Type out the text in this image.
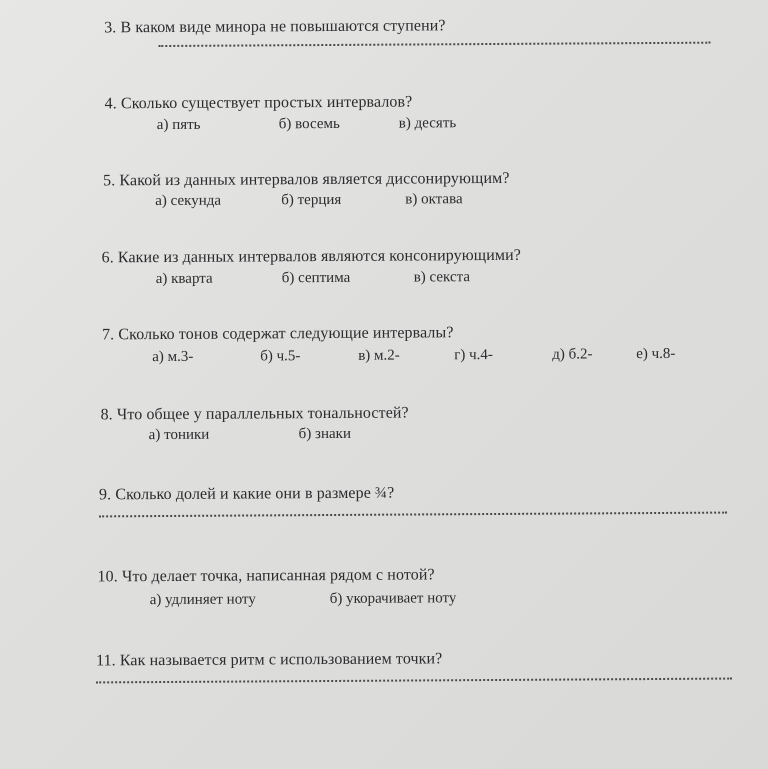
3. В каком виде минора не повышаются ступени?
4. Сколько существует простых интервалов?
а) пять	б) восемь	в) десять
5. Какой из данных интервалов является диссонирующим?
а) секунда	б) терция	в) октава
6. Какие из данных интервалов являются консонирующими?
а) кварта	б) септима	в) секста
7. Сколько тонов содержат следующие интервалы?
а) м.3-	б) ч.5-	в) м.2-	г) ч.4-	д) б.2-	е) ч.8-
8. Что общее у параллельных тональностей?
а) тоники	б) знаки
9. Сколько долей и какие они в размере ¾?
10. Что делает точка, написанная рядом с нотой?
а) удлиняет ноту	б) укорачивает ноту
11. Как называется ритм с использованием точки?
